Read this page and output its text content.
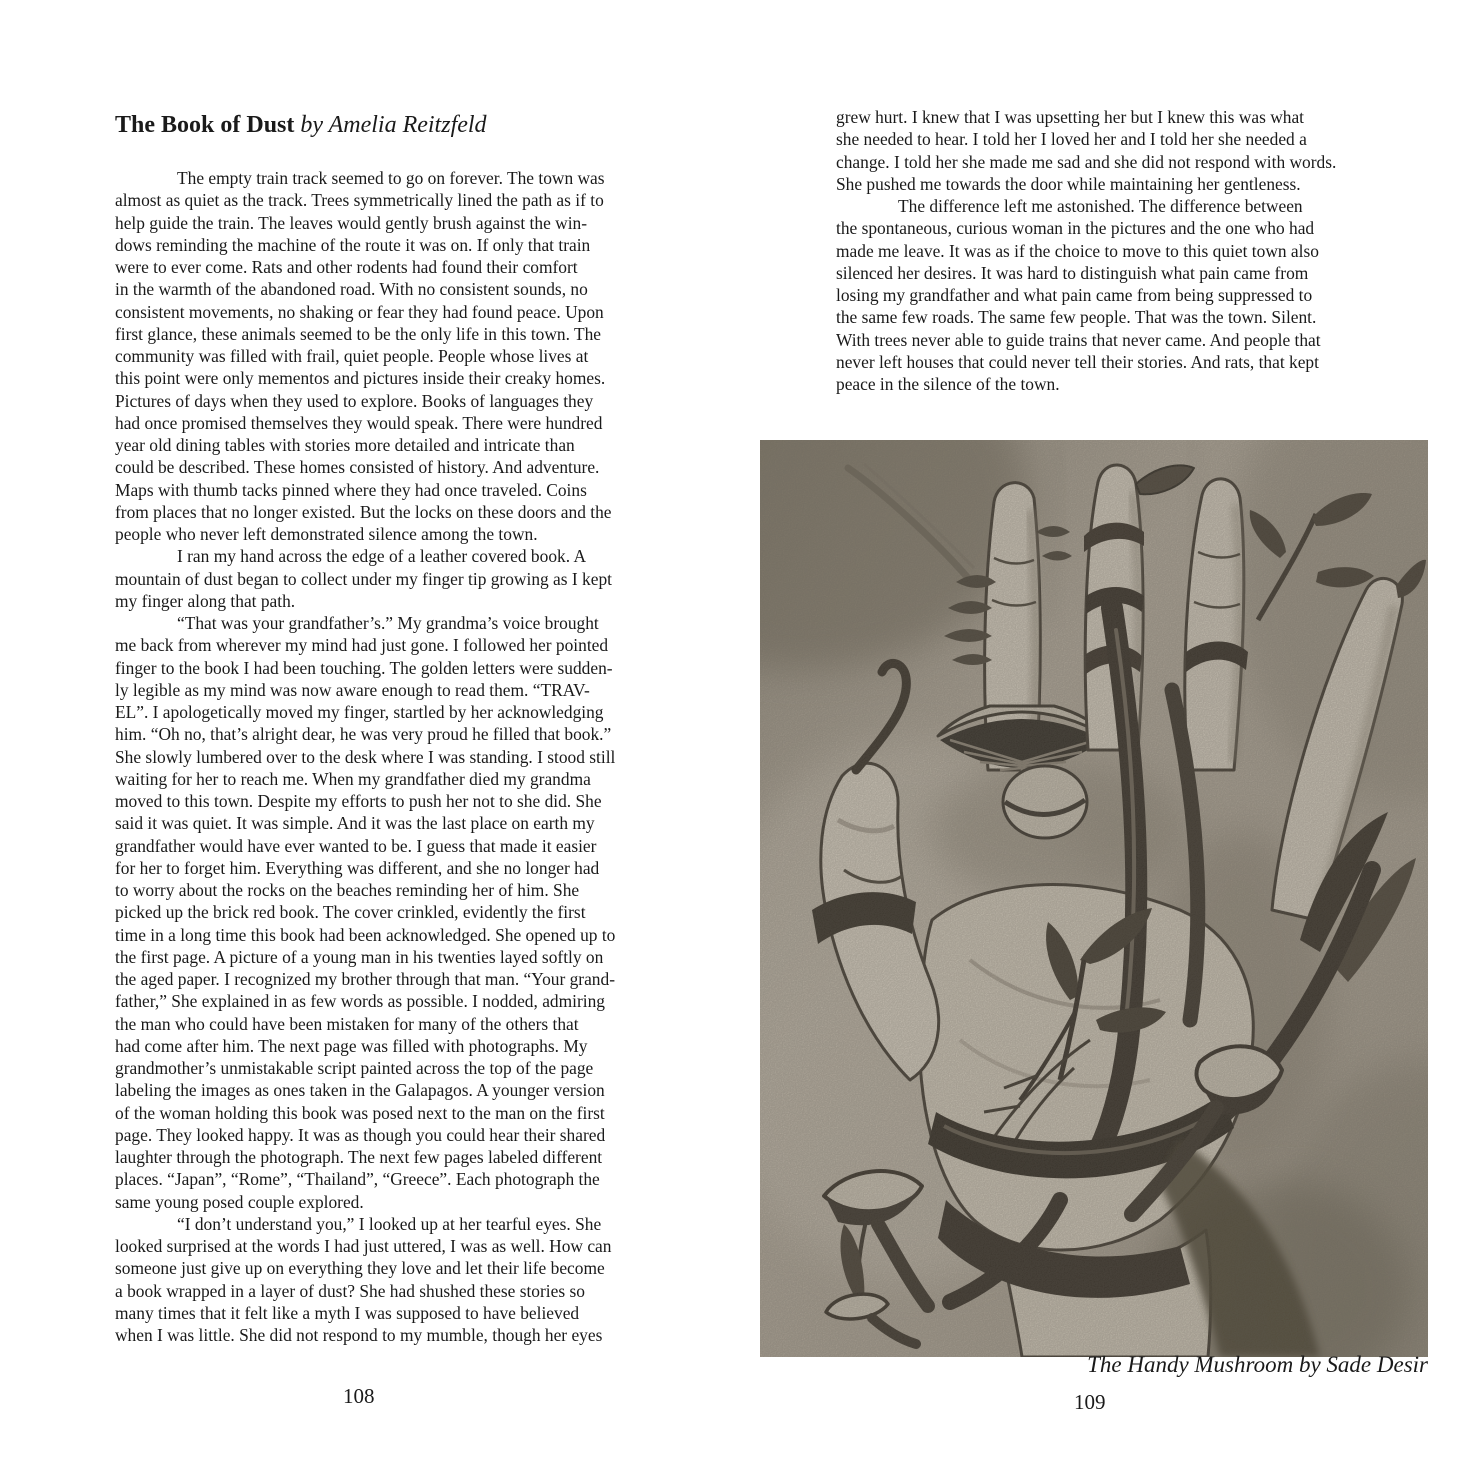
The Book of Dust by Amelia Reitzfeld
The empty train track seemed to go on forever. The town was
almost as quiet as the track. Trees symmetrically lined the path as if to
help guide the train. The leaves would gently brush against the win-
dows reminding the machine of the route it was on. If only that train
were to ever come. Rats and other rodents had found their comfort
in the warmth of the abandoned road. With no consistent sounds, no
consistent movements, no shaking or fear they had found peace. Upon
first glance, these animals seemed to be the only life in this town. The
community was filled with frail, quiet people. People whose lives at
this point were only mementos and pictures inside their creaky homes.
Pictures of days when they used to explore. Books of languages they
had once promised themselves they would speak. There were hundred
year old dining tables with stories more detailed and intricate than
could be described. These homes consisted of history. And adventure.
Maps with thumb tacks pinned where they had once traveled. Coins
from places that no longer existed. But the locks on these doors and the
people who never left demonstrated silence among the town.
I ran my hand across the edge of a leather covered book. A
mountain of dust began to collect under my finger tip growing as I kept
my finger along that path.
“That was your grandfather’s.” My grandma’s voice brought
me back from wherever my mind had just gone. I followed her pointed
finger to the book I had been touching. The golden letters were sudden-
ly legible as my mind was now aware enough to read them. “TRAV-
EL”. I apologetically moved my finger, startled by her acknowledging
him. “Oh no, that’s alright dear, he was very proud he filled that book.”
She slowly lumbered over to the desk where I was standing. I stood still
waiting for her to reach me. When my grandfather died my grandma
moved to this town. Despite my efforts to push her not to she did. She
said it was quiet. It was simple. And it was the last place on earth my
grandfather would have ever wanted to be. I guess that made it easier
for her to forget him. Everything was different, and she no longer had
to worry about the rocks on the beaches reminding her of him. She
picked up the brick red book. The cover crinkled, evidently the first
time in a long time this book had been acknowledged. She opened up to
the first page. A picture of a young man in his twenties layed softly on
the aged paper. I recognized my brother through that man. “Your grand-
father,” She explained in as few words as possible. I nodded, admiring
the man who could have been mistaken for many of the others that
had come after him. The next page was filled with photographs. My
grandmother’s unmistakable script painted across the top of the page
labeling the images as ones taken in the Galapagos. A younger version
of the woman holding this book was posed next to the man on the first
page. They looked happy. It was as though you could hear their shared
laughter through the photograph. The next few pages labeled different
places. “Japan”, “Rome”, “Thailand”, “Greece”. Each photograph the
same young posed couple explored.
“I don’t understand you,” I looked up at her tearful eyes. She
looked surprised at the words I had just uttered, I was as well. How can
someone just give up on everything they love and let their life become
a book wrapped in a layer of dust? She had shushed these stories so
many times that it felt like a myth I was supposed to have believed
when I was little. She did not respond to my mumble, though her eyes
108
grew hurt. I knew that I was upsetting her but I knew this was what
she needed to hear. I told her I loved her and I told her she needed a
change. I told her she made me sad and she did not respond with words.
She pushed me towards the door while maintaining her gentleness.
The difference left me astonished. The difference between
the spontaneous, curious woman in the pictures and the one who had
made me leave. It was as if the choice to move to this quiet town also
silenced her desires. It was hard to distinguish what pain came from
losing my grandfather and what pain came from being suppressed to
the same few roads. The same few people. That was the town. Silent.
With trees never able to guide trains that never came. And people that
never left houses that could never tell their stories. And rats, that kept
peace in the silence of the town.
The Handy Mushroom by Sade Desir
109
